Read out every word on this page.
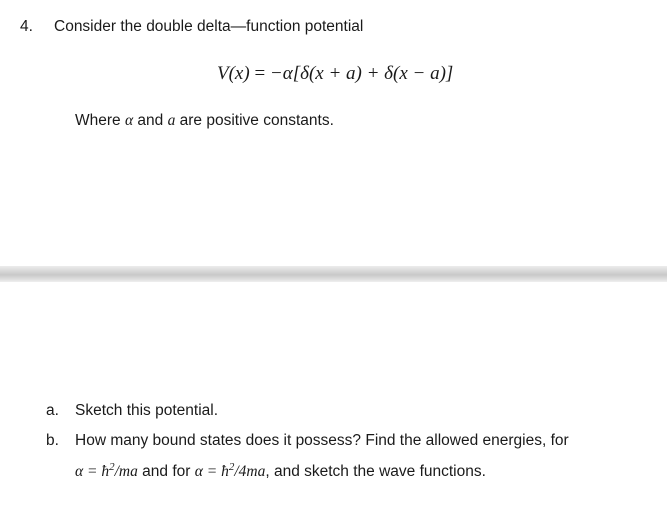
4. Consider the double delta—function potential
V(x) = −α[δ(x + a) + δ(x − a)]
Where α and a are positive constants.
a. Sketch this potential.
b. How many bound states does it possess? Find the allowed energies, for
$\alpha = ħ^2/ma$ and for $\alpha = ħ^2/4ma$, and sketch the wave functions.
